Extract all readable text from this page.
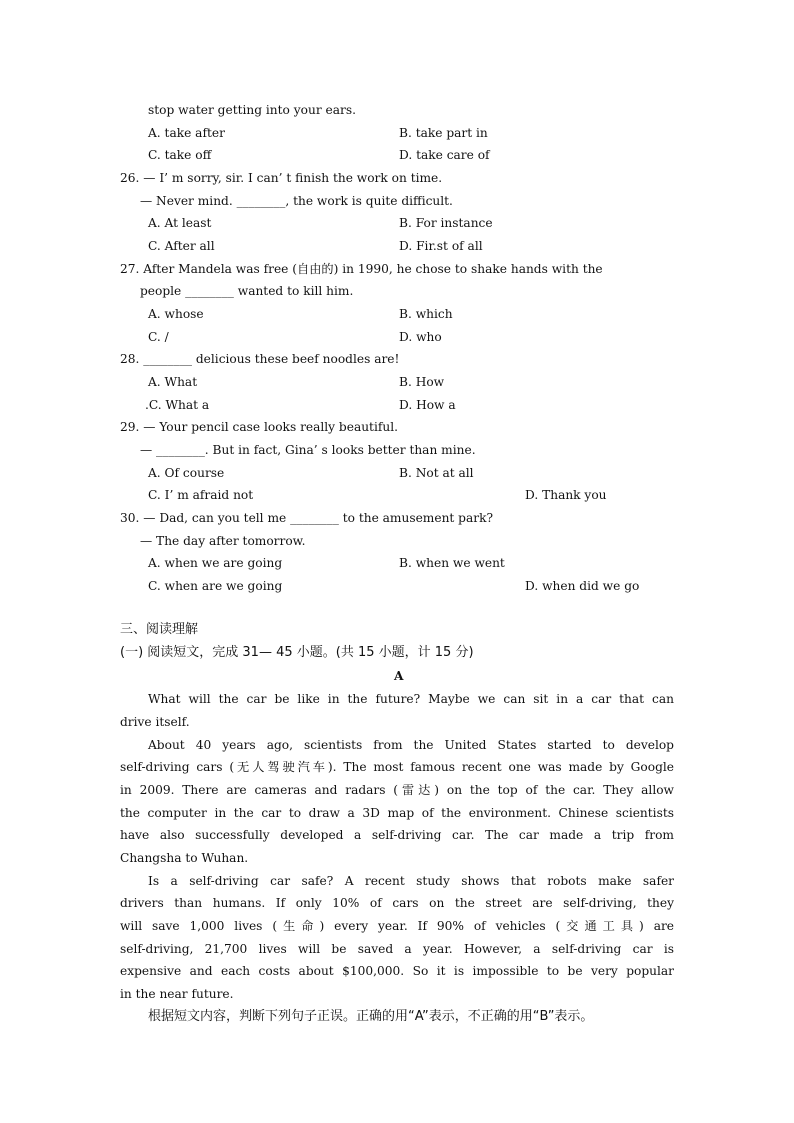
stop water getting into your ears.
A. take after	B. take part in
C. take off	D. take care of
26. — I’ m sorry, sir. I can’ t finish the work on time.
— Never mind. ________, the work is quite difficult.
A. At least	B. For instance
C. After all	D. Fir.st of all
27. After Mandela was free (自由的) in 1990, he chose to shake hands with the
people ________ wanted to kill him.
A. whose	B. which
C. /	D. who
28. ________ delicious these beef noodles are!
A. What	B. How
.C. What a	D. How a
29. — Your pencil case looks really beautiful.
— ________. But in fact, Gina’ s looks better than mine.
A. Of course	B. Not at all
C. I’ m afraid not	D. Thank you
30. — Dad, can you tell me ________ to the amusement park?
— The day after tomorrow.
A. when we are going	B. when we went
C. when are we going	D. when did we go
三、阅读理解
(一) 阅读短文，完成 31— 45 小题。(共 15 小题，计 15 分)
A
What will the car be like in the future? Maybe we can sit in a car that can
drive itself.
About 40 years ago, scientists from the United States started to develop
self-driving cars (无人驾驶汽车). The most famous recent one was made by Google
in 2009. There are cameras and radars (雷达) on the top of the car. They allow
the computer in the car to draw a 3D map of the environment. Chinese scientists
have also successfully developed a self-driving car. The car made a trip from
Changsha to Wuhan.
Is a self-driving car safe? A recent study shows that robots make safer
drivers than humans. If only 10% of cars on the street are self-driving, they
will save 1,000 lives (生命) every year. If 90% of vehicles (交通工具) are
self-driving, 21,700 lives will be saved a year. However, a self-driving car is
expensive and each costs about $100,000. So it is impossible to be very popular
in the near future.
根据短文内容，判断下列句子正误。正确的用“A”表示，不正确的用“B”表示。
